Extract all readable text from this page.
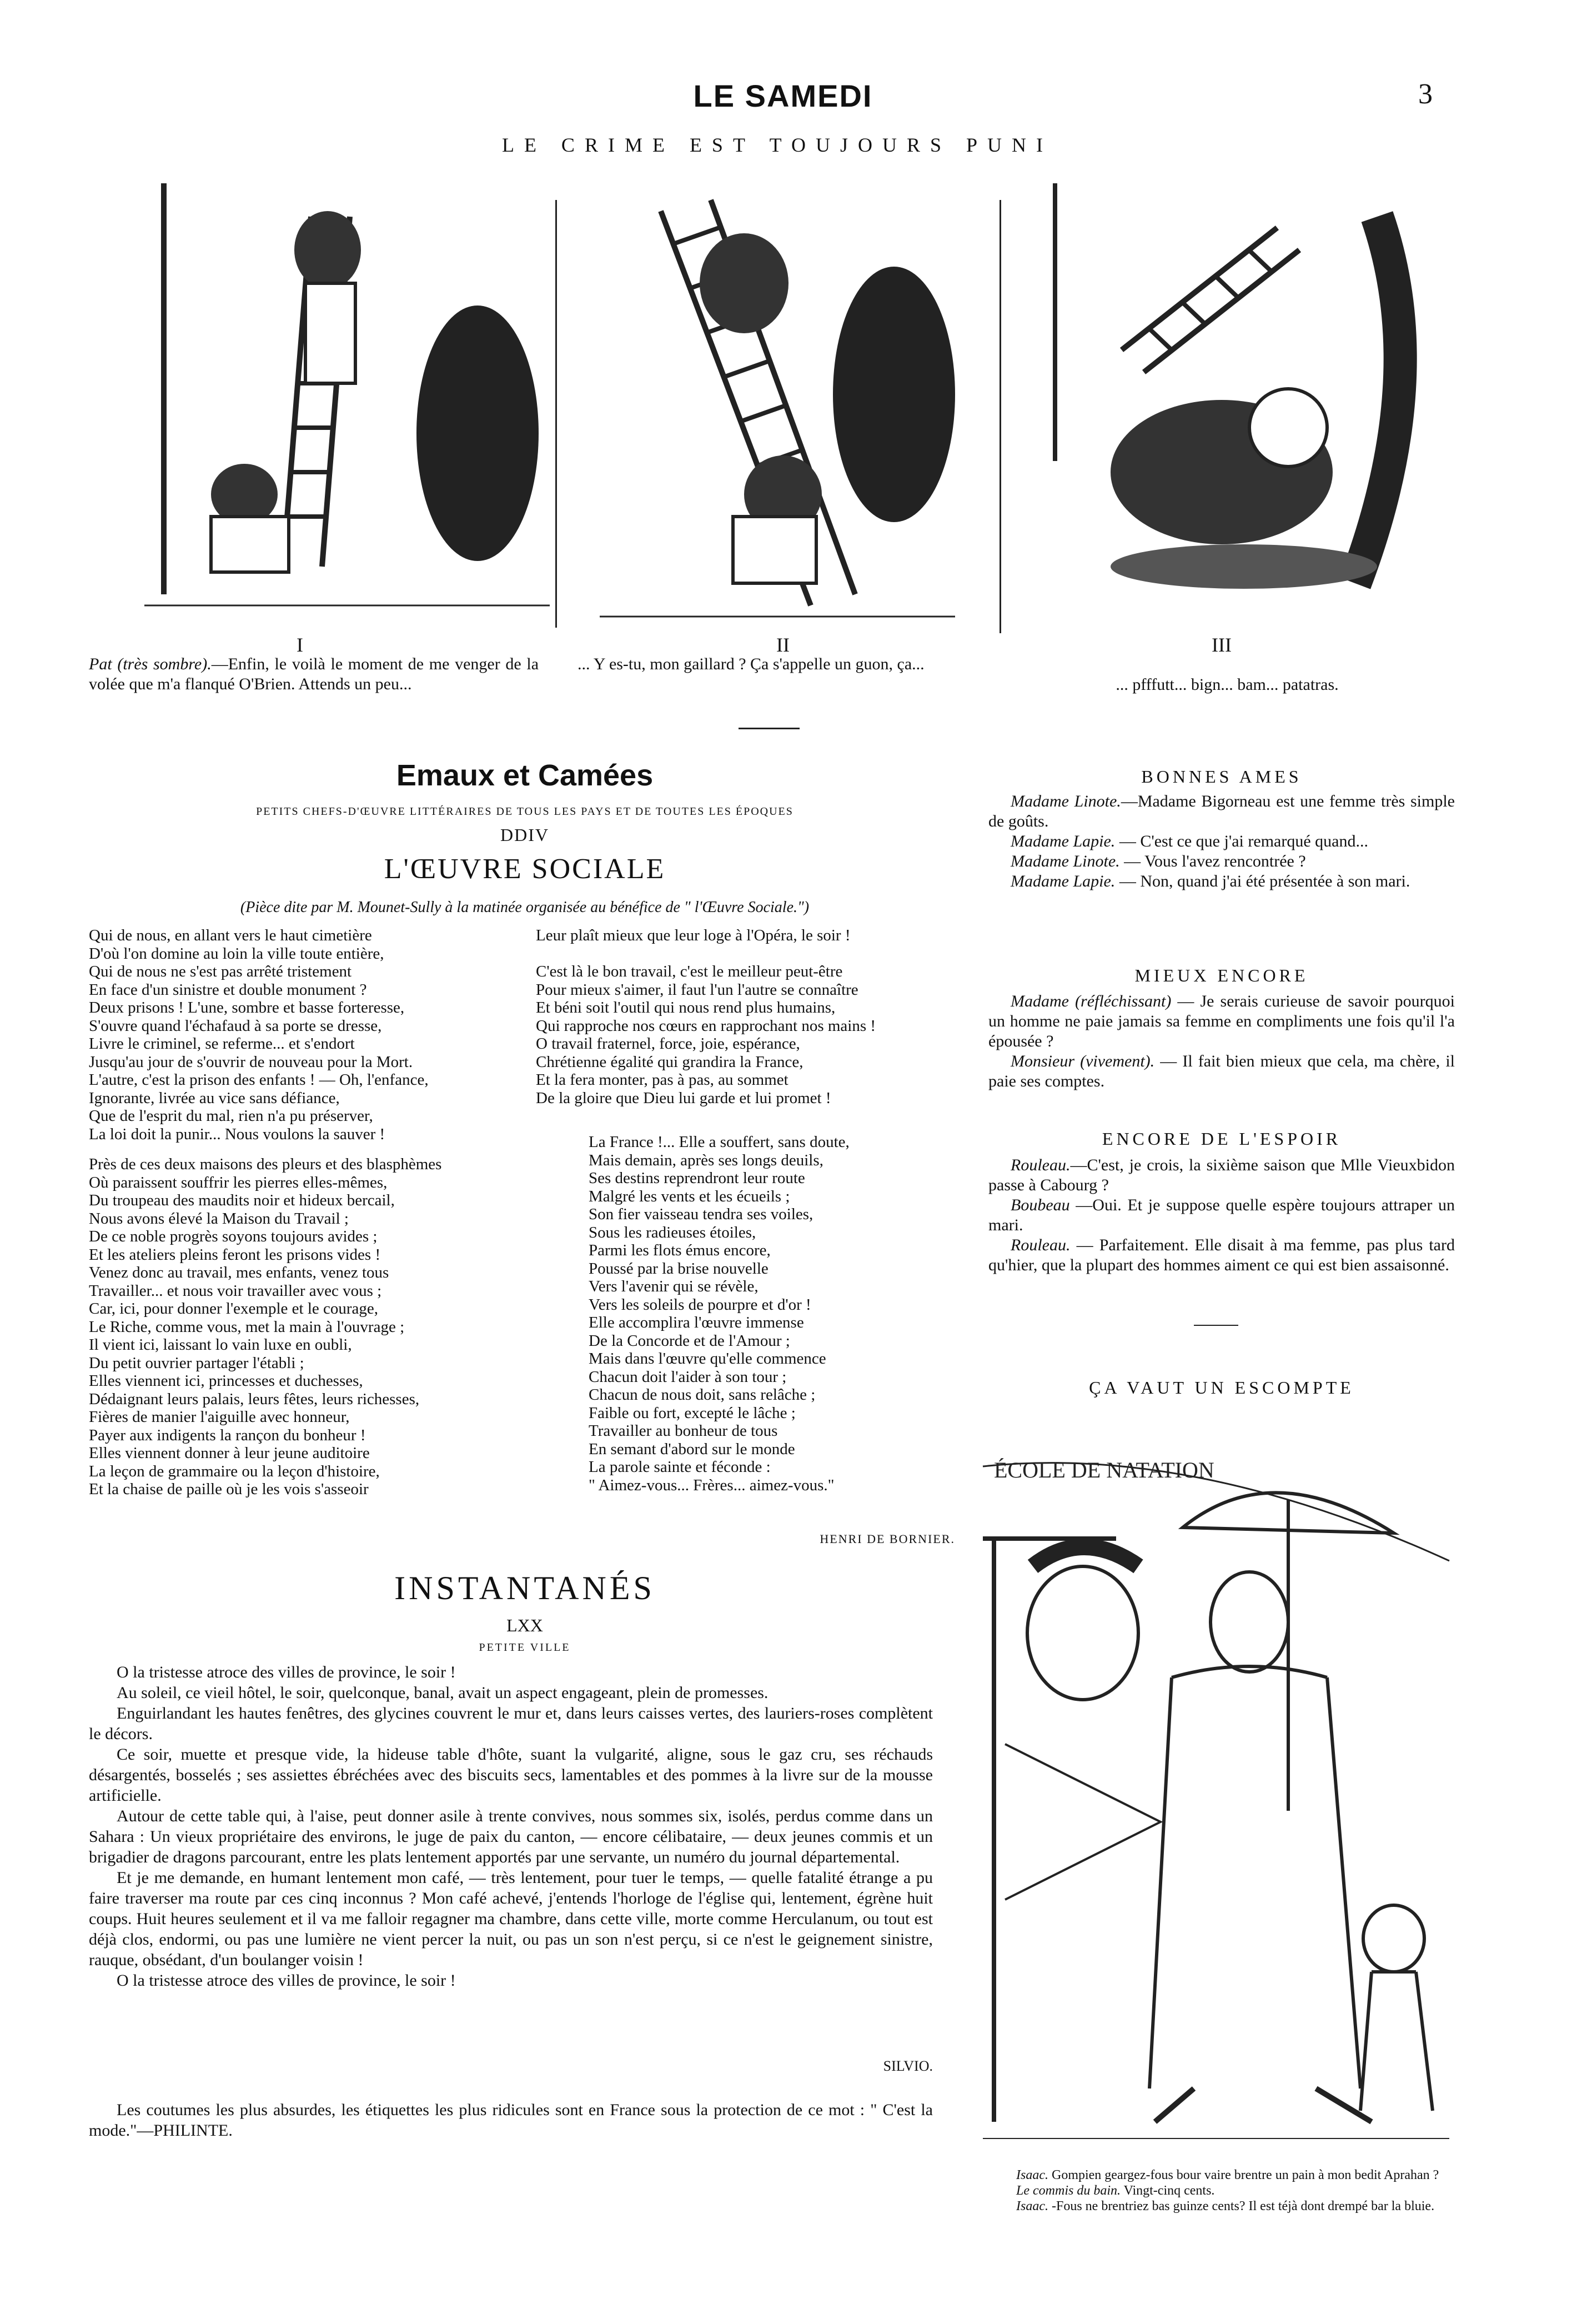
LE SAMEDI	3
LE CRIME EST TOUJOURS PUNI
I	II	III
Pat (très sombre).—Enfin, le voilà le moment de me venger de la volée que m'a flanqué O'Brien. Attends un peu...
... Y es-tu, mon gaillard ? Ça s'appelle un guon, ça...
... pfffutt... bign... bam... patatras.
Emaux et Camées
PETITS CHEFS-D'ŒUVRE LITTÉRAIRES DE TOUS LES PAYS ET DE TOUTES LES ÉPOQUES
DDIV
L'ŒUVRE SOCIALE
(Pièce dite par M. Mounet-Sully à la matinée organisée au bénéfice de " l'Œuvre Sociale.")
Qui de nous, en allant vers le haut cimetière
D'où l'on domine au loin la ville toute entière,
Qui de nous ne s'est pas arrêté tristement
En face d'un sinistre et double monument ?
Deux prisons ! L'une, sombre et basse forteresse,
S'ouvre quand l'échafaud à sa porte se dresse,
Livre le criminel, se referme... et s'endort
Jusqu'au jour de s'ouvrir de nouveau pour la Mort.
L'autre, c'est la prison des enfants ! — Oh, l'enfance,
Ignorante, livrée au vice sans défiance,
Que de l'esprit du mal, rien n'a pu préserver,
La loi doit la punir... Nous voulons la sauver !
Près de ces deux maisons des pleurs et des blasphèmes
Où paraissent souffrir les pierres elles-mêmes,
Du troupeau des maudits noir et hideux bercail,
Nous avons élevé la Maison du Travail ;
De ce noble progrès soyons toujours avides ;
Et les ateliers pleins feront les prisons vides !
Venez donc au travail, mes enfants, venez tous
Travailler... et nous voir travailler avec vous ;
Car, ici, pour donner l'exemple et le courage,
Le Riche, comme vous, met la main à l'ouvrage ;
Il vient ici, laissant lo vain luxe en oubli,
Du petit ouvrier partager l'établi ;
Elles viennent ici, princesses et duchesses,
Dédaignant leurs palais, leurs fêtes, leurs richesses,
Fières de manier l'aiguille avec honneur,
Payer aux indigents la rançon du bonheur !
Elles viennent donner à leur jeune auditoire
La leçon de grammaire ou la leçon d'histoire,
Et la chaise de paille où je les vois s'asseoir
Leur plaît mieux que leur loge à l'Opéra, le soir !

C'est là le bon travail, c'est le meilleur peut-être
Pour mieux s'aimer, il faut l'un l'autre se connaître
Et béni soit l'outil qui nous rend plus humains,
Qui rapproche nos cœurs en rapprochant nos mains !
O travail fraternel, force, joie, espérance,
Chrétienne égalité qui grandira la France,
Et la fera monter, pas à pas, au sommet
De la gloire que Dieu lui garde et lui promet !
La France !... Elle a souffert, sans doute,
Mais demain, après ses longs deuils,
Ses destins reprendront leur route
Malgré les vents et les écueils ;
Son fier vaisseau tendra ses voiles,
Sous les radieuses étoiles,
Parmi les flots émus encore,
Poussé par la brise nouvelle
Vers l'avenir qui se révèle,
Vers les soleils de pourpre et d'or !
Elle accomplira l'œuvre immense
De la Concorde et de l'Amour ;
Mais dans l'œuvre qu'elle commence
Chacun doit l'aider à son tour ;
Chacun de nous doit, sans relâche ;
Faible ou fort, excepté le lâche ;
Travailler au bonheur de tous
En semant d'abord sur le monde
La parole sainte et féconde :
" Aimez-vous... Frères... aimez-vous."
HENRI DE BORNIER.
INSTANTANÉS
LXX
PETITE VILLE

O la tristesse atroce des villes de province, le soir !

Au soleil, ce vieil hôtel, le soir, quelconque, banal, avait un aspect engageant, plein de promesses.

Enguirlandant les hautes fenêtres, des glycines couvrent le mur et, dans leurs caisses vertes, des lauriers-roses complètent le décors.

Ce soir, muette et presque vide, la hideuse table d'hôte, suant la vulgarité, aligne, sous le gaz cru, ses réchauds désargentés, bosselés ; ses assiettes ébréchées avec des biscuits secs, lamentables et des pommes à la livre sur de la mousse artificielle.

Autour de cette table qui, à l'aise, peut donner asile à trente convives, nous sommes six, isolés, perdus comme dans un Sahara : Un vieux propriétaire des environs, le juge de paix du canton, — encore célibataire, — deux jeunes commis et un brigadier de dragons parcourant, entre les plats lentement apportés par une servante, un numéro du journal départemental.

Et je me demande, en humant lentement mon café, — très lentement, pour tuer le temps, — quelle fatalité étrange a pu faire traverser ma route par ces cinq inconnus ? Mon café achevé, j'entends l'horloge de l'église qui, lentement, égrène huit coups. Huit heures seulement et il va me falloir regagner ma chambre, dans cette ville, morte comme Herculanum, ou tout est déjà clos, endormi, ou pas une lumière ne vient percer la nuit, ou pas un son n'est perçu, si ce n'est le geignement sinistre, rauque, obsédant, d'un boulanger voisin !

O la tristesse atroce des villes de province, le soir !

SILVIO.

Les coutumes les plus absurdes, les étiquettes les plus ridicules sont en France sous la protection de ce mot : " C'est la mode."—PHILINTE.

BONNES AMES

Madame Linote.—Madame Bigorneau est une femme très simple de goûts.

Madame Lapie. — C'est ce que j'ai remarqué quand...

Madame Linote. — Vous l'avez rencontrée ?

Madame Lapie. — Non, quand j'ai été présentée à son mari.

MIEUX ENCORE

Madame (réfléchissant) — Je serais curieuse de savoir pourquoi un homme ne paie jamais sa femme en compliments une fois qu'il l'a épousée ?

Monsieur (vivement). — Il fait bien mieux que cela, ma chère, il paie ses comptes.

ENCORE DE L'ESPOIR

Rouleau.—C'est, je crois, la sixième saison que Mlle Vieuxbidon passe à Cabourg ?

Boubeau —Oui. Et je suppose quelle espère toujours attraper un mari.

Rouleau. — Parfaitement. Elle disait à ma femme, pas plus tard qu'hier, que la plupart des hommes aiment ce qui est bien assaisonné.

ÇA VAUT UN ESCOMPTE
ÉCOLE DE NATATION
Isaac. Gompien geargez-fous bour vaire brentre un pain à mon bedit Aprahan ?
Le commis du bain. Vingt-cinq cents.
Isaac. -Fous ne brentriez bas guinze cents? Il est téjà dont drempé bar la bluie.
